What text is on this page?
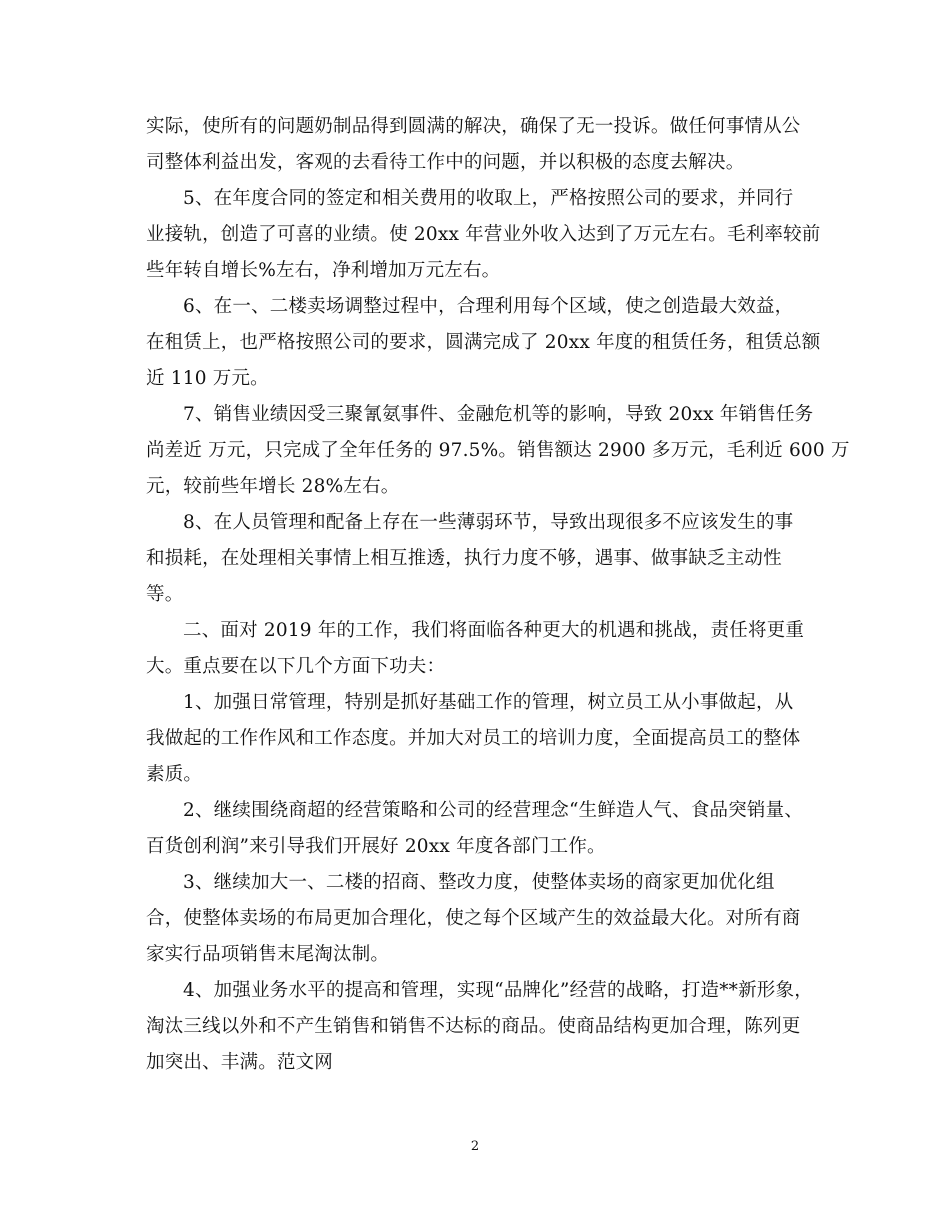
实际，使所有的问题奶制品得到圆满的解决，确保了无一投诉。做任何事情从公
司整体利益出发，客观的去看待工作中的问题，并以积极的态度去解决。
5、在年度合同的签定和相关费用的收取上，严格按照公司的要求，并同行
业接轨，创造了可喜的业绩。使 20xx 年营业外收入达到了万元左右。毛利率较前
些年转自增长%左右，净利增加万元左右。
6、在一、二楼卖场调整过程中，合理利用每个区域，使之创造最大效益，
在租赁上，也严格按照公司的要求，圆满完成了 20xx 年度的租赁任务，租赁总额
近 110 万元。
7、销售业绩因受三聚氰氨事件、金融危机等的影响，导致 20xx 年销售任务
尚差近 万元，只完成了全年任务的 97.5%。销售额达 2900 多万元，毛利近 600 万
元，较前些年增长 28%左右。
8、在人员管理和配备上存在一些薄弱环节，导致出现很多不应该发生的事
和损耗，在处理相关事情上相互推透，执行力度不够，遇事、做事缺乏主动性
等。
二、面对 2019 年的工作，我们将面临各种更大的机遇和挑战，责任将更重
大。重点要在以下几个方面下功夫：
1、加强日常管理，特别是抓好基础工作的管理，树立员工从小事做起，从
我做起的工作作风和工作态度。并加大对员工的培训力度，全面提高员工的整体
素质。
2、继续围绕商超的经营策略和公司的经营理念“生鲜造人气、食品突销量、
百货创利润”来引导我们开展好 20xx 年度各部门工作。
3、继续加大一、二楼的招商、整改力度，使整体卖场的商家更加优化组
合，使整体卖场的布局更加合理化，使之每个区域产生的效益最大化。对所有商
家实行品项销售末尾淘汰制。
4、加强业务水平的提高和管理，实现“品牌化”经营的战略，打造**新形象，
淘汰三线以外和不产生销售和销售不达标的商品。使商品结构更加合理，陈列更
加突出、丰满。范文网
2
